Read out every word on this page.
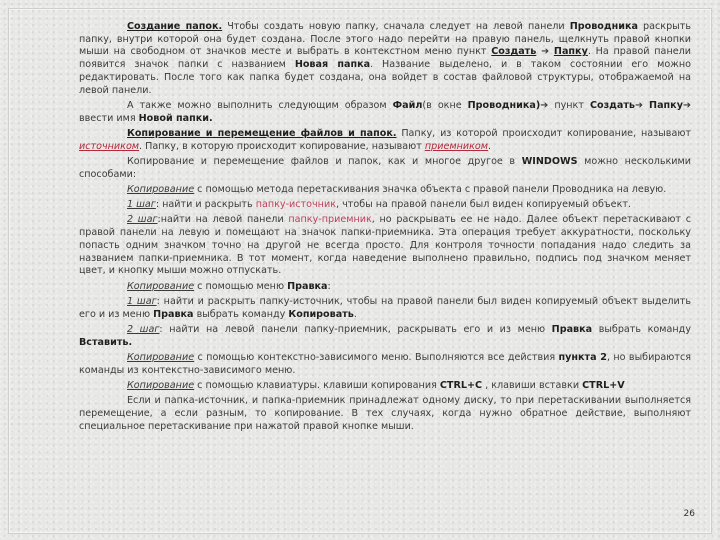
Создание папок. Чтобы создать новую папку, сначала следует на левой панели Проводника раскрыть папку, внутри которой она будет создана. После этого надо перейти на правую панель, щелкнуть правой кнопки мыши на свободном от значков месте и выбрать в контекстном меню пункт Создать ➔ Папку. На правой панели появится значок папки с названием Новая папка. Название выделено, и в таком состоянии его можно редактировать. После того как папка будет создана, она войдет в состав файловой структуры, отображаемой на левой панели.

А также можно выполнить следующим образом Файл(в окне Проводника)➔ пункт Создать➔ Папку➔ ввести имя Новой папки.

Копирование и перемещение файлов и папок. Папку, из которой происходит копирование, называют источником. Папку, в которую происходит копирование, называют приемником.

Копирование и перемещение файлов и папок, как и многое другое в WINDOWS можно несколькими способами:

Копирование с помощью метода перетаскивания значка объекта с правой панели Проводника на левую.

1 шаг: найти и раскрыть папку-источник, чтобы на правой панели был виден копируемый объект.

2 шаг:найти на левой панели папку-приемник, но раскрывать ее не надо. Далее объект перетаскивают с правой панели на левую и помещают на значок папки-приемника. Эта операция требует аккуратности, поскольку попасть одним значком точно на другой не всегда просто. Для контроля точности попадания надо следить за названием папки-приемника. В тот момент, когда наведение выполнено правильно, подпись под значком меняет цвет, и кнопку мыши можно отпускать.

Копирование с помощью меню Правка:

1 шаг: найти и раскрыть папку-источник, чтобы на правой панели был виден копируемый объект выделить его и из меню Правка выбрать команду Копировать.

2 шаг: найти на левой панели папку-приемник, раскрывать его и из меню Правка выбрать команду Вставить.

Копирование с помощью контекстно-зависимого меню. Выполняются все действия пункта 2, но выбираются команды из контекстно-зависимого меню.

Копирование с помощью клавиатуры. клавиши копирования CTRL+C , клавиши вставки CTRL+V

Если и папка-источник, и папка-приемник принадлежат одному диску, то при перетаскивании выполняется перемещение, а если разным, то копирование. В тех случаях, когда нужно обратное действие, выполняют специальное перетаскивание при нажатой правой кнопке мыши.

26
